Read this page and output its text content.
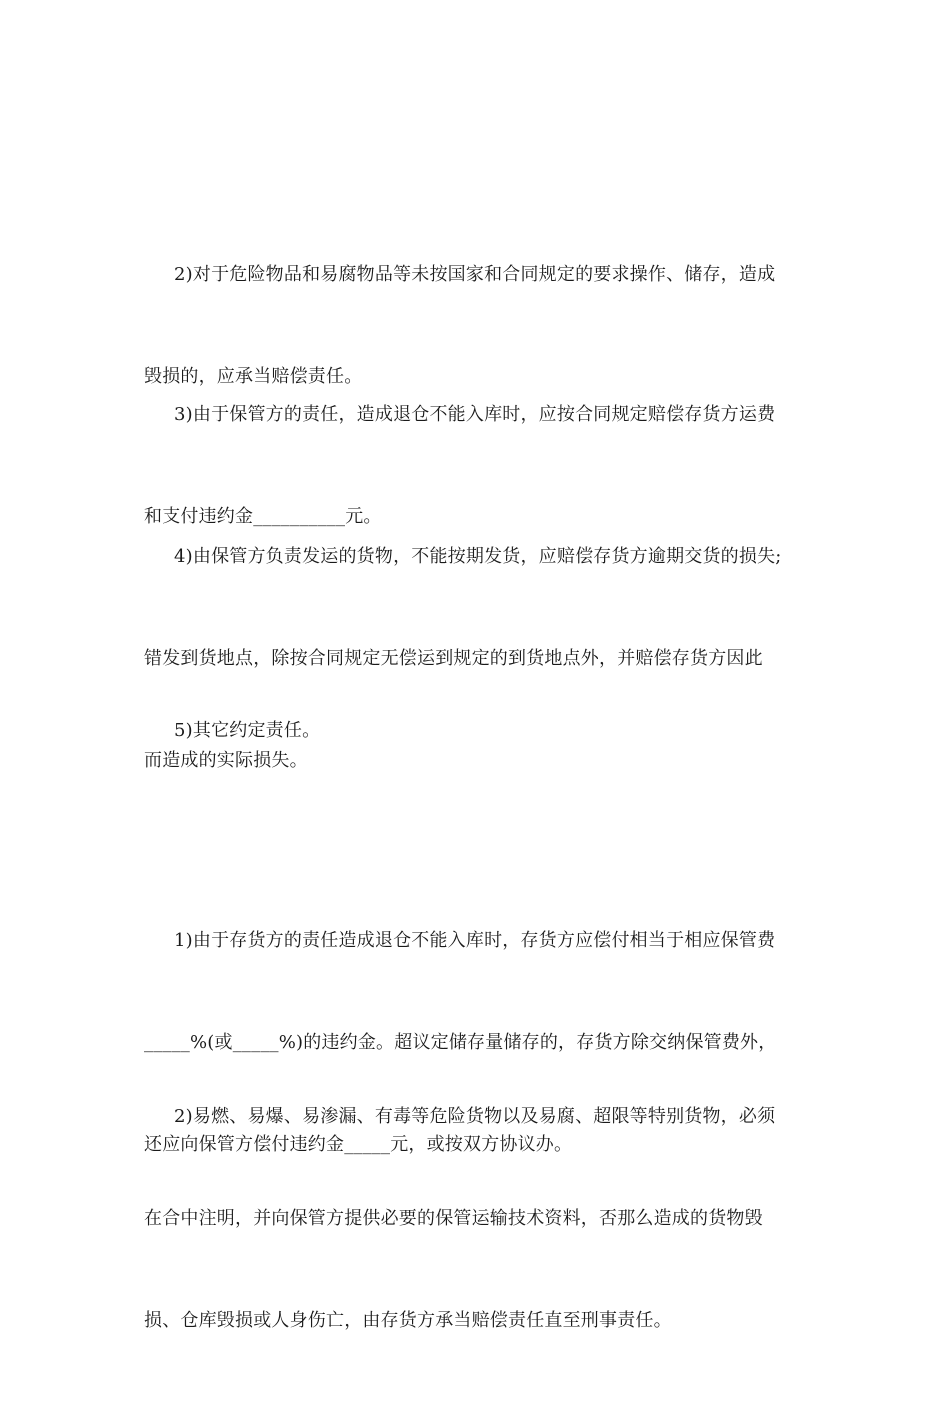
2)对于危险物品和易腐物品等未按国家和合同规定的要求操作、储存，造成

毁损的，应承当赔偿责任。

3)由于保管方的责任，造成退仓不能入库时，应按合同规定赔偿存货方运费

和支付违约金__________元。

4)由保管方负责发运的货物，不能按期发货，应赔偿存货方逾期交货的损失;

错发到货地点，除按合同规定无偿运到规定的到货地点外，并赔偿存货方因此

而造成的实际损失。

5)其它约定责任。

1)由于存货方的责任造成退仓不能入库时，存货方应偿付相当于相应保管费

_____%(或_____%)的违约金。超议定储存量储存的，存货方除交纳保管费外，

还应向保管方偿付违约金_____元，或按双方协议办。

2)易燃、易爆、易渗漏、有毒等危险货物以及易腐、超限等特别货物，必须

在合中注明，并向保管方提供必要的保管运输技术资料，否那么造成的货物毁

损、仓库毁损或人身伤亡，由存货方承当赔偿责任直至刑事责任。
